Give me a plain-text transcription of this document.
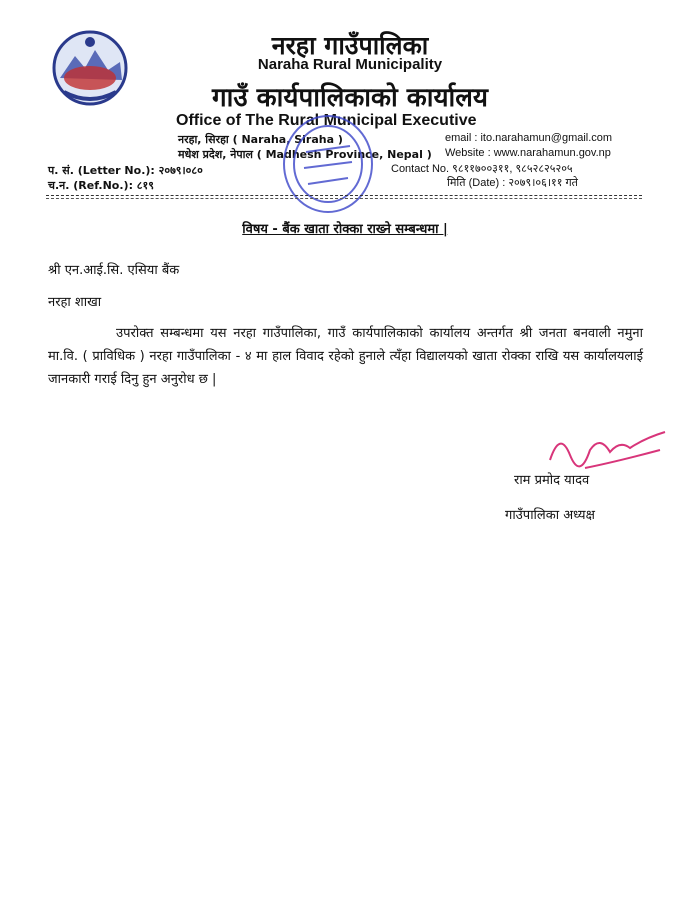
नरहा गाउँपालिका
Naraha Rural Municipality
गाउँ कार्यपालिकाको कार्यालय
Office of The Rural Municipal Executive
नरहा, सिरहा ( Naraha, Siraha )
मधेश प्रदेश, नेपाल ( Madhesh Province, Nepal )
email : ito.narahamun@gmail.com
Website : www.narahamun.gov.np
प. सं. (Letter No.): २०७९।०८०
च.न. (Ref.No.): ८१९
Contact No. ९८११७००३११, ९८५२८२५२०५
मिति (Date) : २०७९।०६।११ गते
विषय - बैंक खाता रोक्का राख्ने सम्बन्धमा |
श्री एन.आई.सि. एसिया बैंक
नरहा शाखा
उपरोक्त सम्बन्धमा यस नरहा गाउँपालिका, गाउँ कार्यपालिकाको कार्यालय अन्तर्गत श्री जनता बनवाली नमुना मा.वि. ( प्राविधिक ) नरहा गाउँपालिका - ४ मा हाल विवाद रहेको हुनाले त्यँहा विद्यालयको खाता रोक्का राखि यस कार्यालयलाई जानकारी गराई दिनु हुन अनुरोध छ |
राम प्रमोद यादव
गाउँपालिका अध्यक्ष
